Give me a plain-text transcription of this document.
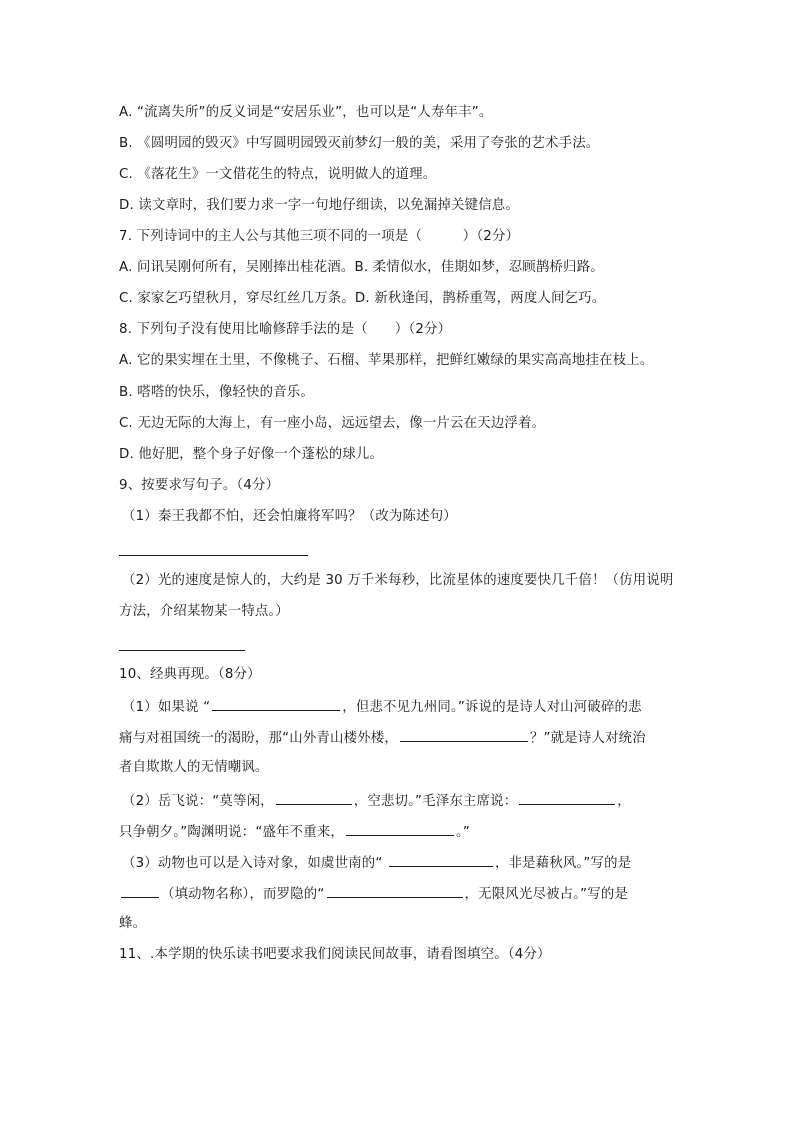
A. “流离失所”的反义词是“安居乐业”，也可以是“人寿年丰”。
B. 《圆明园的毁灭》中写圆明园毁灭前梦幻一般的美，采用了夸张的艺术手法。
C. 《落花生》一文借花生的特点，说明做人的道理。
D. 读文章时，我们要力求一字一句地仔细读，以免漏掉关键信息。
7. 下列诗词中的主人公与其他三项不同的一项是（　　　）（2分）
A. 问讯吴刚何所有，吴刚捧出桂花酒。B. 柔情似水，佳期如梦，忍顾鹊桥归路。
C. 家家乞巧望秋月，穿尽红丝几万条。D. 新秋逢闰，鹊桥重驾，两度人间乞巧。
8. 下列句子没有使用比喻修辞手法的是（　　）（2分）
A. 它的果实埋在土里，不像桃子、石榴、苹果那样，把鲜红嫩绿的果实高高地挂在枝上。
B. 嗒嗒的快乐，像轻快的音乐。
C. 无边无际的大海上，有一座小岛，远远望去，像一片云在天边浮着。
D. 他好肥，整个身子好像一个蓬松的球儿。
9、按要求写句子。（4分）
（1）秦王我都不怕，还会怕廉将军吗？（改为陈述句）
（2）光的速度是惊人的，大约是 30 万千米每秒，比流星体的速度要快几千倍！（仿用说明
方法，介绍某物某一特点。）
10、经典再现。（8分）
（1）如果说 “	，但悲不见九州同。”诉说的是诗人对山河破碎的悲
痛与对祖国统一的渴盼，那“山外青山楼外楼，	？”就是诗人对统治
者自欺欺人的无情嘲讽。
（2）岳飞说：“莫等闲，	，空悲切。”毛泽东主席说：	，
只争朝夕。”陶渊明说：“盛年不重来，	。”
（3）动物也可以是入诗对象，如虞世南的“	，非是藉秋风。”写的是
（填动物名称），而罗隐的“	，无限风光尽被占。”写的是
蜂。
11、.本学期的快乐读书吧要求我们阅读民间故事，请看图填空。（4分）
